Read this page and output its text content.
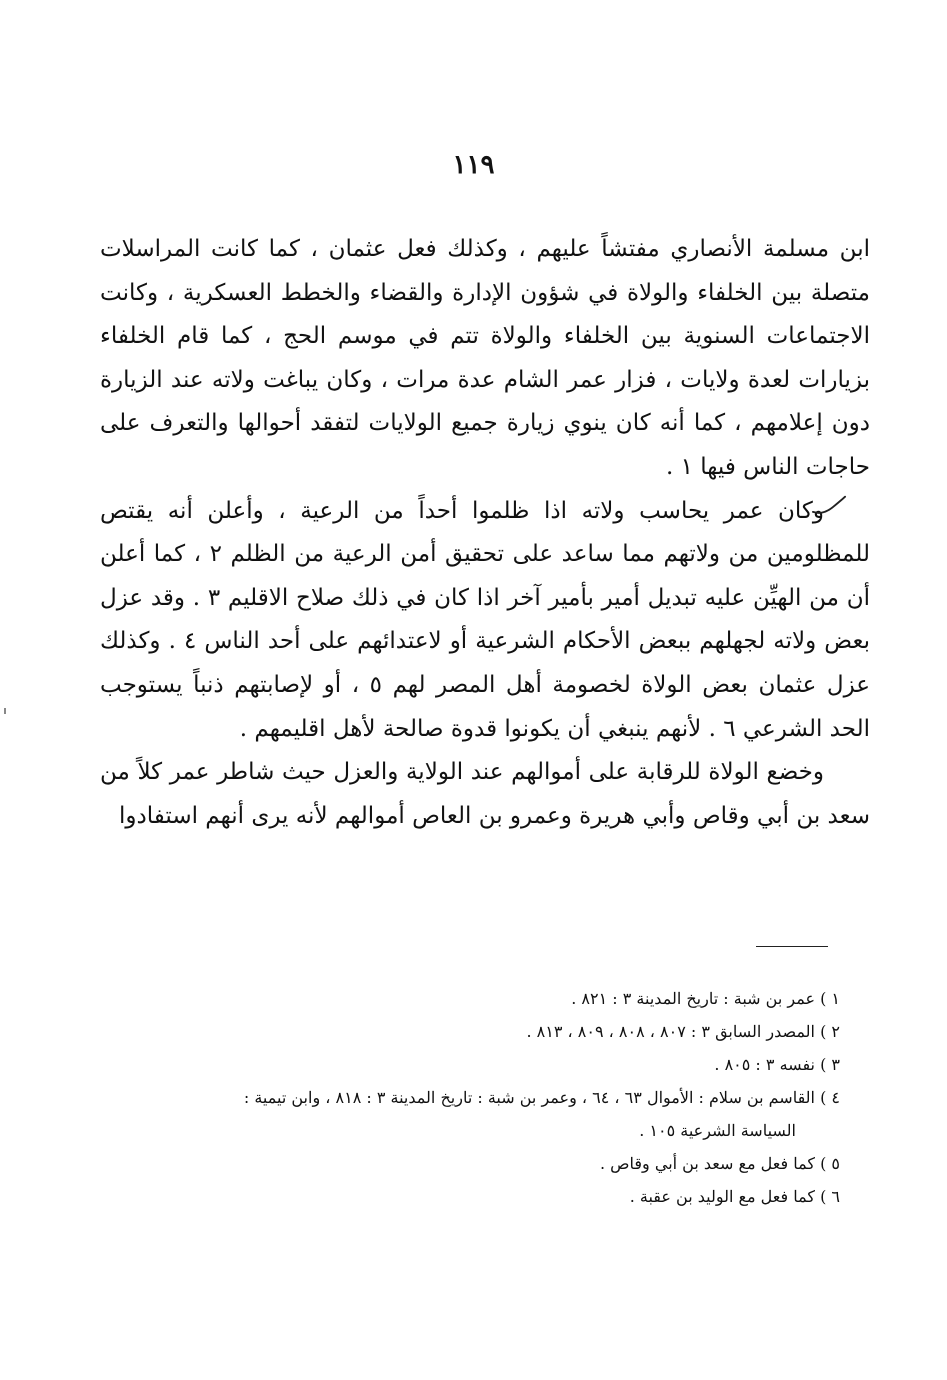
١١٩

ابن مسلمة الأنصاري مفتشاً عليهم ، وكذلك فعل عثمان ، كما كانت المراسلات متصلة بين الخلفاء والولاة في شؤون الإدارة والقضاء والخطط العسكرية ، وكانت الاجتماعات السنوية بين الخلفاء والولاة تتم في موسم الحج ، كما قام الخلفاء بزيارات لعدة ولايات ، فزار عمر الشام عدة مرات ، وكان يباغت ولاته عند الزيارة دون إعلامهم ، كما أنه كان ينوي زيارة جميع الولايات لتفقد أحوالها والتعرف على حاجات الناس فيها ١ .

وكان عمر يحاسب ولاته اذا ظلموا أحداً من الرعية ، وأعلن أنه يقتص للمظلومين من ولاتهم مما ساعد على تحقيق أمن الرعية من الظلم ٢ ، كما أعلن أن من الهيِّن عليه تبديل أمير بأمير آخر اذا كان في ذلك صلاح الاقليم ٣ . وقد عزل بعض ولاته لجهلهم ببعض الأحكام الشرعية أو لاعتدائهم على أحد الناس ٤ . وكذلك عزل عثمان بعض الولاة لخصومة أهل المصر لهم ٥ ، أو لإصابتهم ذنباً يستوجب الحد الشرعي ٦ . لأنهم ينبغي أن يكونوا قدوة صالحة لأهل اقليمهم .

وخضع الولاة للرقابة على أموالهم عند الولاية والعزل حيث شاطر عمر كلاً من سعد بن أبي وقاص وأبي هريرة وعمرو بن العاص أموالهم لأنه يرى أنهم استفادوا

١ ) عمر بن شبة : تاريخ المدينة ٣ : ٨٢١ .

٢ ) المصدر السابق ٣ : ٨٠٧ ، ٨٠٨ ، ٨٠٩ ، ٨١٣ .

٣ ) نفسه ٣ : ٨٠٥ .

٤ ) القاسم بن سلام : الأموال ٦٣ ، ٦٤ ، وعمر بن شبة : تاريخ المدينة ٣ : ٨١٨ ، وابن تيمية :

السياسة الشرعية ١٠٥ .

٥ ) كما فعل مع سعد بن أبي وقاص .

٦ ) كما فعل مع الوليد بن عقبة .
